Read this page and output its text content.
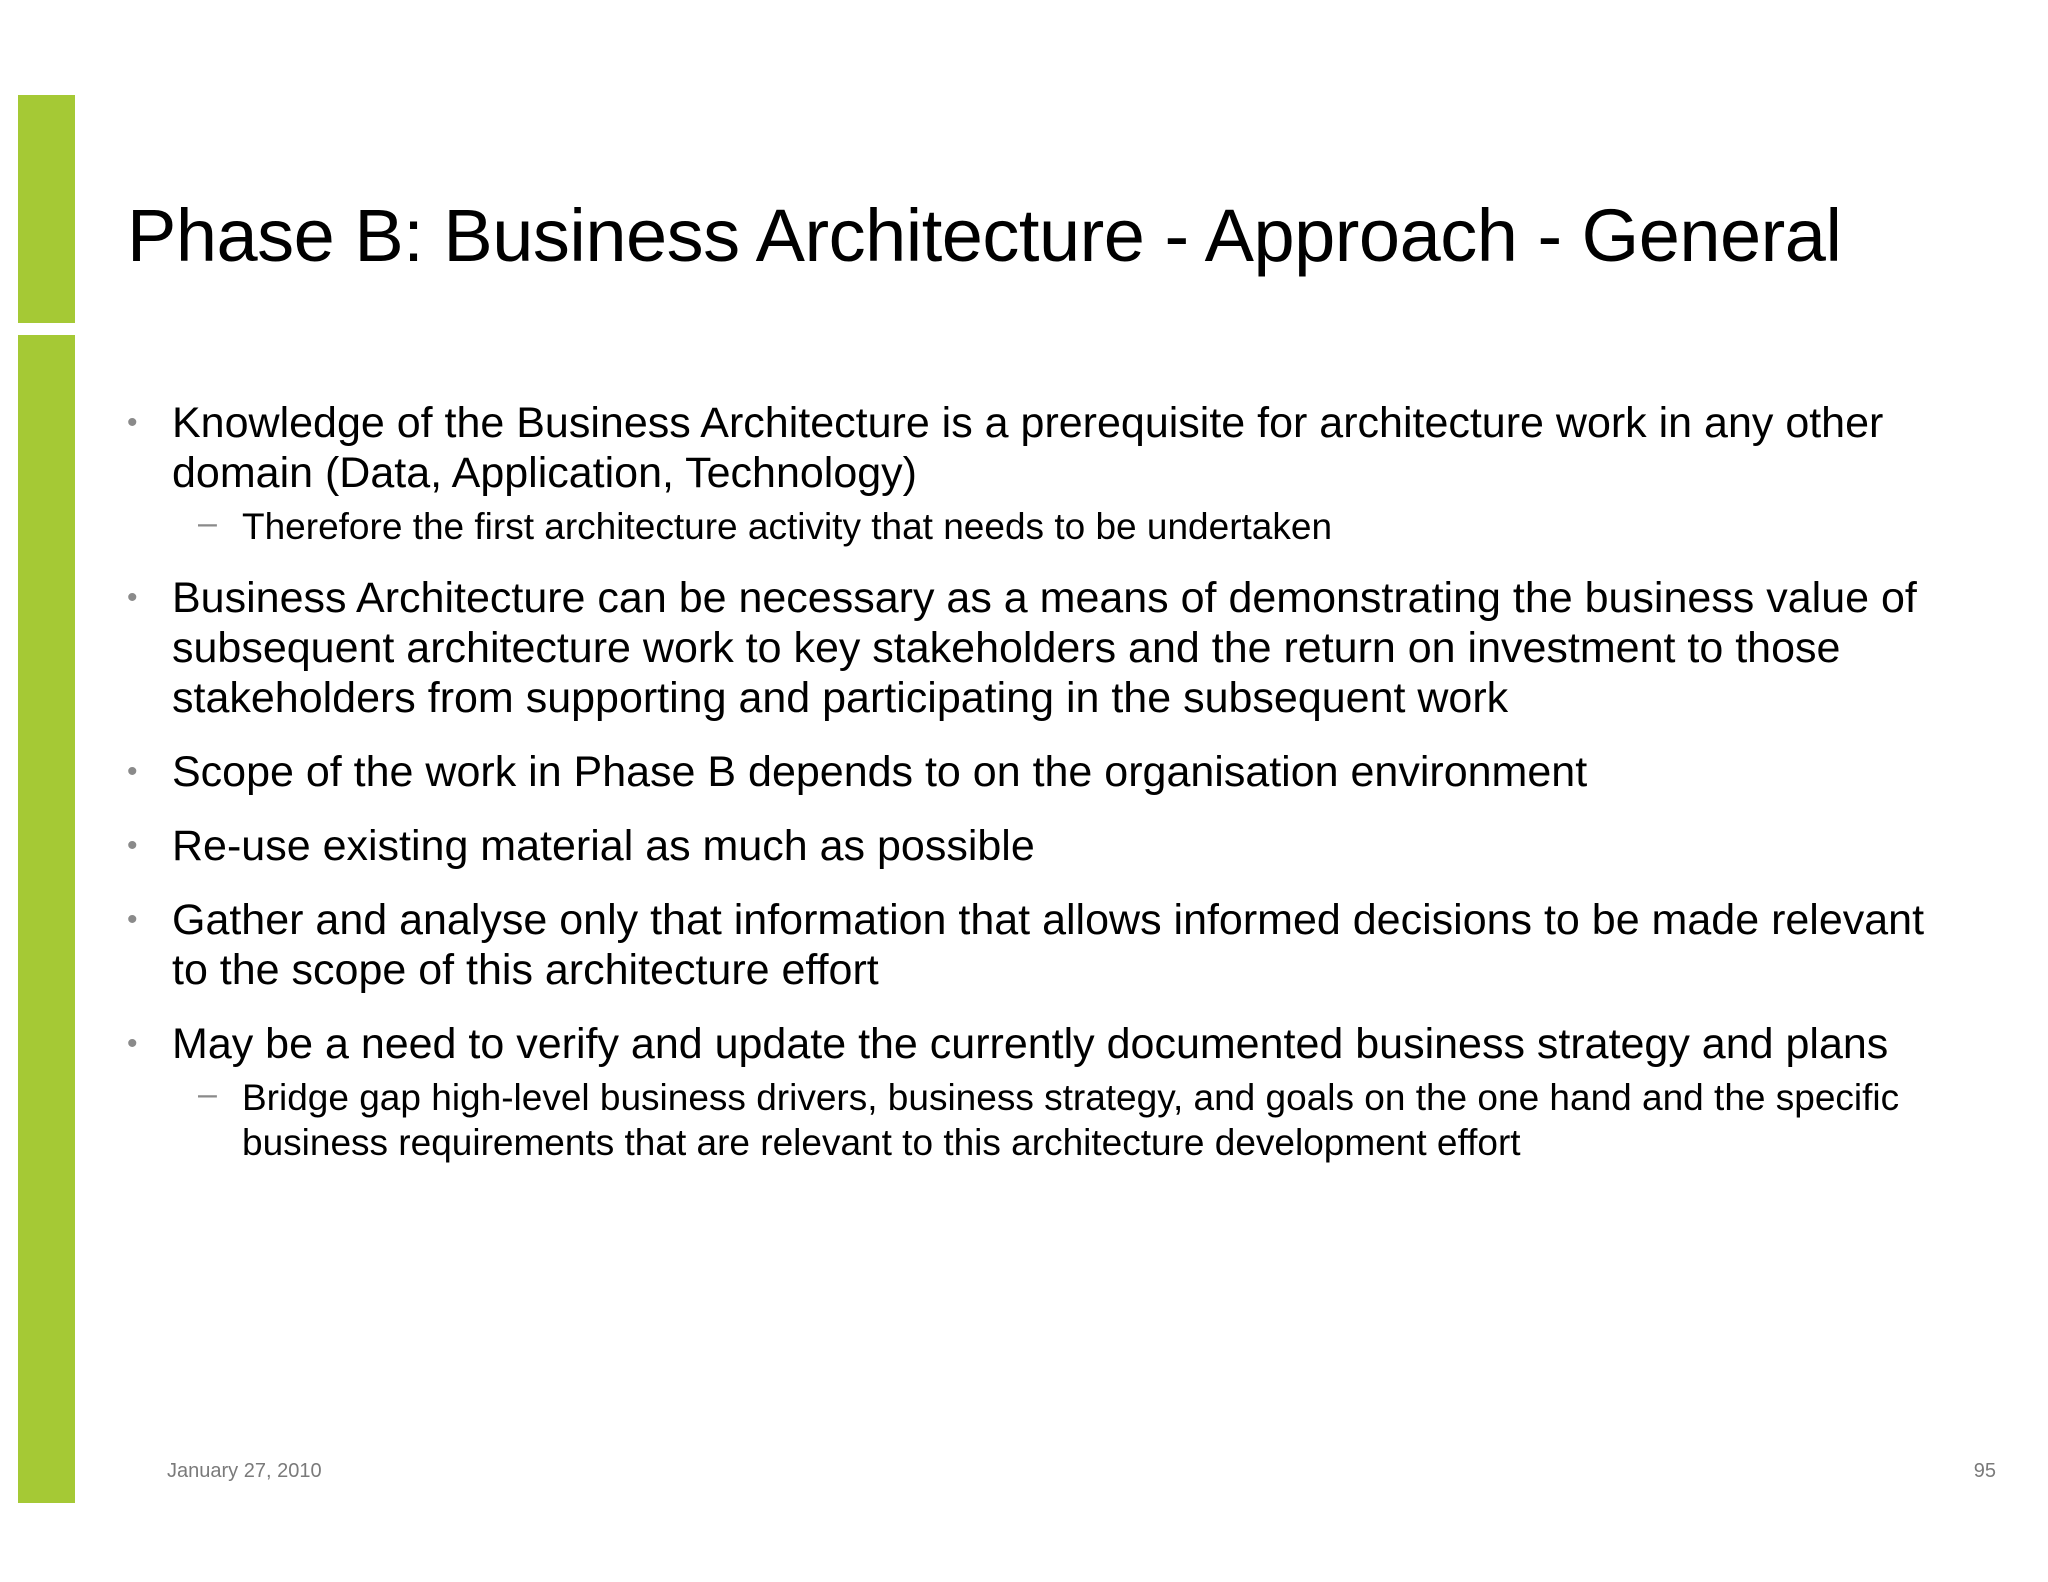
Phase B: Business Architecture - Approach - General
• Knowledge of the Business Architecture is a prerequisite for architecture work in any other domain (Data, Application, Technology)
– Therefore the first architecture activity that needs to be undertaken
• Business Architecture can be necessary as a means of demonstrating the business value of subsequent architecture work to key stakeholders and the return on investment to those stakeholders from supporting and participating in the subsequent work
• Scope of the work in Phase B depends to on the organisation environment
• Re-use existing material as much as possible
• Gather and analyse only that information that allows informed decisions to be made relevant to the scope of this architecture effort
• May be a need to verify and update the currently documented business strategy and plans
– Bridge gap high-level business drivers, business strategy, and goals on the one hand and the specific business requirements that are relevant to this architecture development effort

January 27, 2010	95
